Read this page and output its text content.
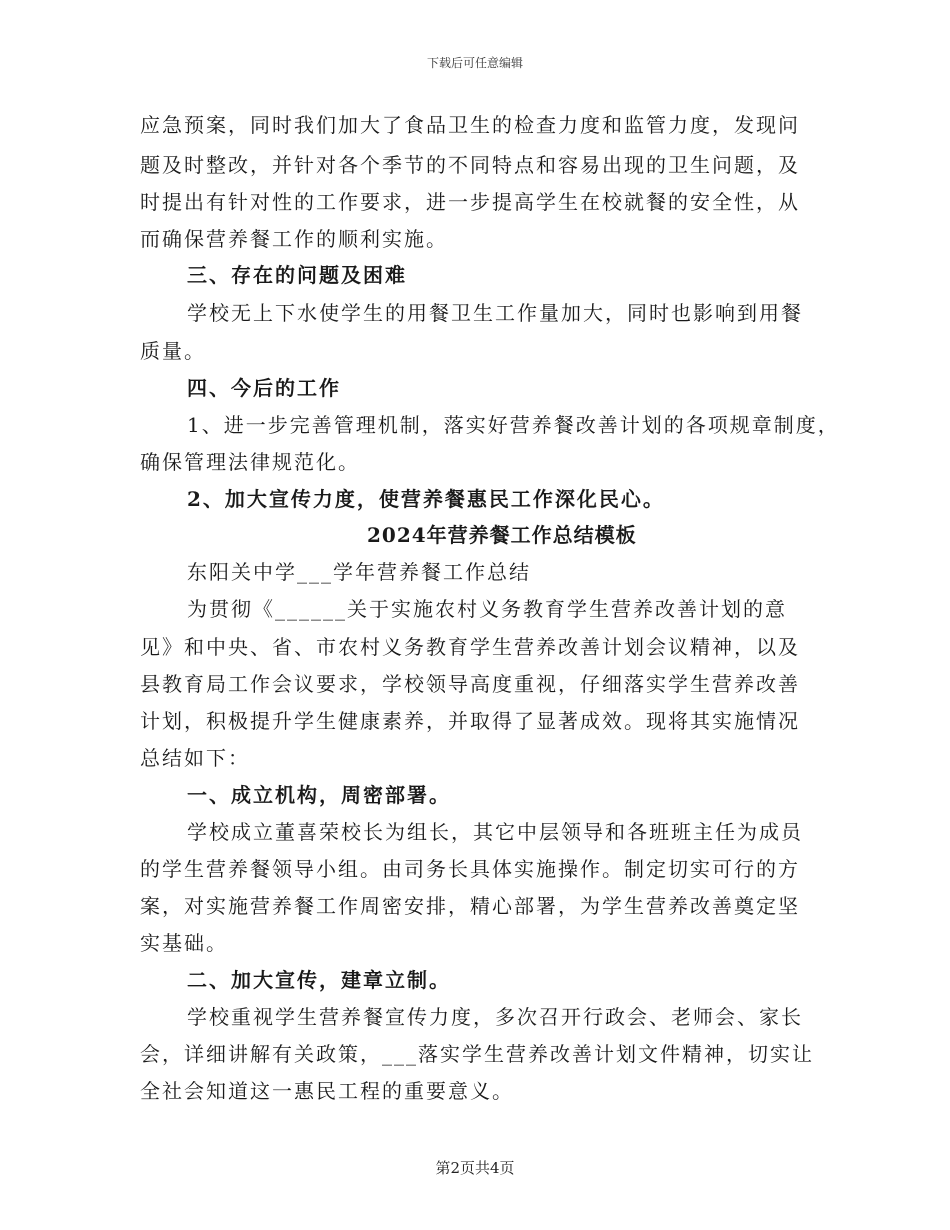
下载后可任意编辑
应急预案，同时我们加大了食品卫生的检查力度和监管力度，发现问
题及时整改，并针对各个季节的不同特点和容易出现的卫生问题，及
时提出有针对性的工作要求，进一步提高学生在校就餐的安全性，从
而确保营养餐工作的顺利实施。
三、存在的问题及困难
学校无上下水使学生的用餐卫生工作量加大，同时也影响到用餐
质量。
四、今后的工作
1、进一步完善管理机制，落实好营养餐改善计划的各项规章制度，
确保管理法律规范化。
2、加大宣传力度，使营养餐惠民工作深化民心。
2024年营养餐工作总结模板
东阳关中学___学年营养餐工作总结
为贯彻《______关于实施农村义务教育学生营养改善计划的意
见》和中央、省、市农村义务教育学生营养改善计划会议精神，以及
县教育局工作会议要求，学校领导高度重视，仔细落实学生营养改善
计划，积极提升学生健康素养，并取得了显著成效。现将其实施情况
总结如下：
一、成立机构，周密部署。
学校成立董喜荣校长为组长，其它中层领导和各班班主任为成员
的学生营养餐领导小组。由司务长具体实施操作。制定切实可行的方
案，对实施营养餐工作周密安排，精心部署，为学生营养改善奠定坚
实基础。
二、加大宣传，建章立制。
学校重视学生营养餐宣传力度，多次召开行政会、老师会、家长
会，详细讲解有关政策，___落实学生营养改善计划文件精神，切实让
全社会知道这一惠民工程的重要意义。
第2页共4页
